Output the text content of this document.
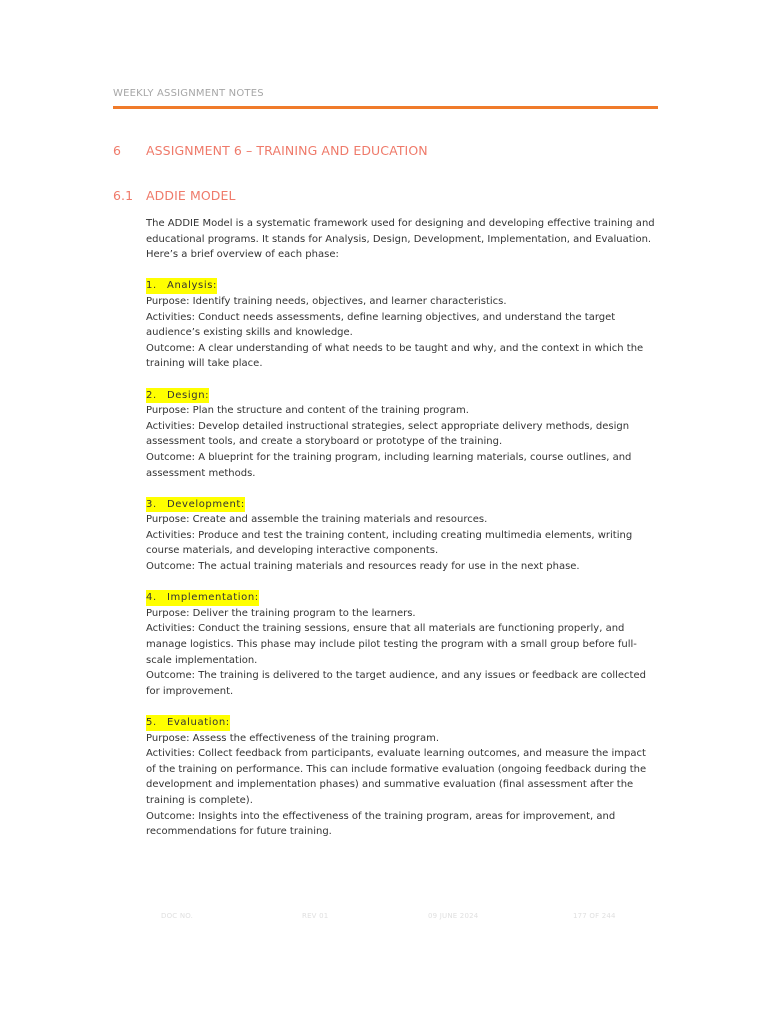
WEEKLY ASSIGNMENT NOTES
6 ASSIGNMENT 6 – TRAINING AND EDUCATION
6.1 ADDIE MODEL

The ADDIE Model is a systematic framework used for designing and developing effective training and educational programs. It stands for Analysis, Design, Development, Implementation, and Evaluation. Here’s a brief overview of each phase:

1. Analysis:

Purpose: Identify training needs, objectives, and learner characteristics.

Activities: Conduct needs assessments, define learning objectives, and understand the target audience’s existing skills and knowledge.

Outcome: A clear understanding of what needs to be taught and why, and the context in which the training will take place.

2. Design:

Purpose: Plan the structure and content of the training program.

Activities: Develop detailed instructional strategies, select appropriate delivery methods, design assessment tools, and create a storyboard or prototype of the training.

Outcome: A blueprint for the training program, including learning materials, course outlines, and assessment methods.

3. Development:

Purpose: Create and assemble the training materials and resources.

Activities: Produce and test the training content, including creating multimedia elements, writing course materials, and developing interactive components.

Outcome: The actual training materials and resources ready for use in the next phase.

4. Implementation:

Purpose: Deliver the training program to the learners.

Activities: Conduct the training sessions, ensure that all materials are functioning properly, and manage logistics. This phase may include pilot testing the program with a small group before full-scale implementation.

Outcome: The training is delivered to the target audience, and any issues or feedback are collected for improvement.

5. Evaluation:

Purpose: Assess the effectiveness of the training program.

Activities: Collect feedback from participants, evaluate learning outcomes, and measure the impact of the training on performance. This can include formative evaluation (ongoing feedback during the development and implementation phases) and summative evaluation (final assessment after the training is complete).

Outcome: Insights into the effectiveness of the training program, areas for improvement, and recommendations for future training.

DOC NO.	REV 01	09 JUNE 2024	177 OF 244
